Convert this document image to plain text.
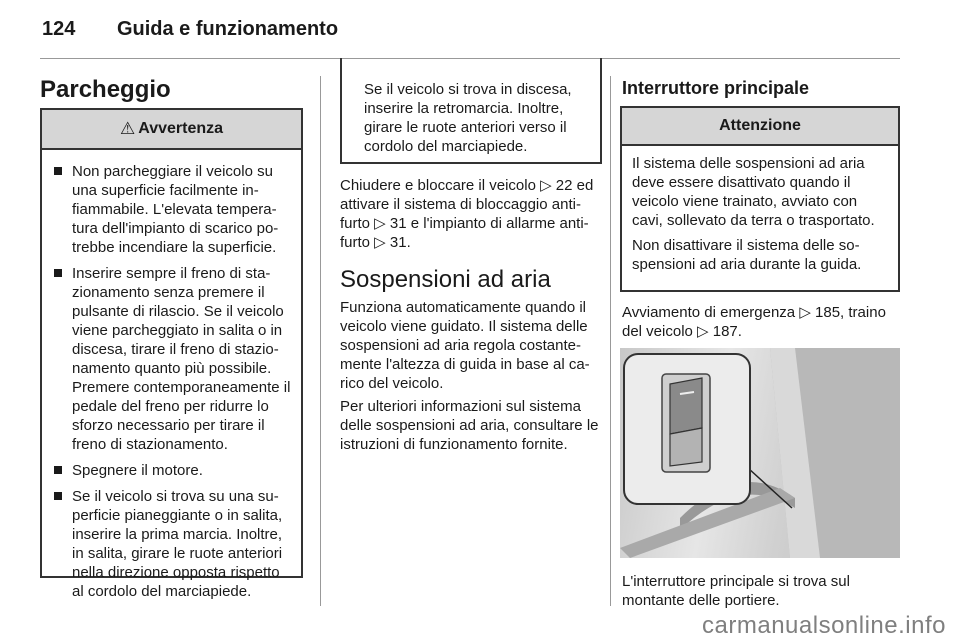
124 Guida e funzionamento
Parcheggio
⚠ Avvertenza
Non parcheggiare il veicolo su una superficie facilmente in-fiammabile. L'elevata tempera-tura dell'impianto di scarico po-trebbe incendiare la superficie.
Inserire sempre il freno di sta-zionamento senza premere il pulsante di rilascio. Se il veicolo viene parcheggiato in salita o in discesa, tirare il freno di stazio-namento quanto più possibile. Premere contemporaneamente il pedale del freno per ridurre lo sforzo necessario per tirare il freno di stazionamento.
Spegnere il motore.
Se il veicolo si trova su una su-perficie pianeggiante o in salita, inserire la prima marcia. Inoltre, in salita, girare le ruote anteriori nella direzione opposta rispetto al cordolo del marciapiede.
Se il veicolo si trova in discesa, inserire la retromarcia. Inoltre, girare le ruote anteriori verso il cordolo del marciapiede.

Chiudere e bloccare il veicolo ▷ 22 ed attivare il sistema di bloccaggio anti-furto ▷ 31 e l'impianto di allarme anti-furto ▷ 31.

Sospensioni ad aria

Funziona automaticamente quando il veicolo viene guidato. Il sistema delle sospensioni ad aria regola costante-mente l'altezza di guida in base al ca-rico del veicolo.

Per ulteriori informazioni sul sistema delle sospensioni ad aria, consultare le istruzioni di funzionamento fornite.

Interruttore principale
Attenzione

Il sistema delle sospensioni ad aria deve essere disattivato quando il veicolo viene trainato, avviato con cavi, sollevato da terra o trasportato.

Non disattivare il sistema delle so-spensioni ad aria durante la guida.

Avviamento di emergenza ▷ 185, traino del veicolo ▷ 187.
L'interruttore principale si trova sul montante delle portiere.
carmanualsonline.info
